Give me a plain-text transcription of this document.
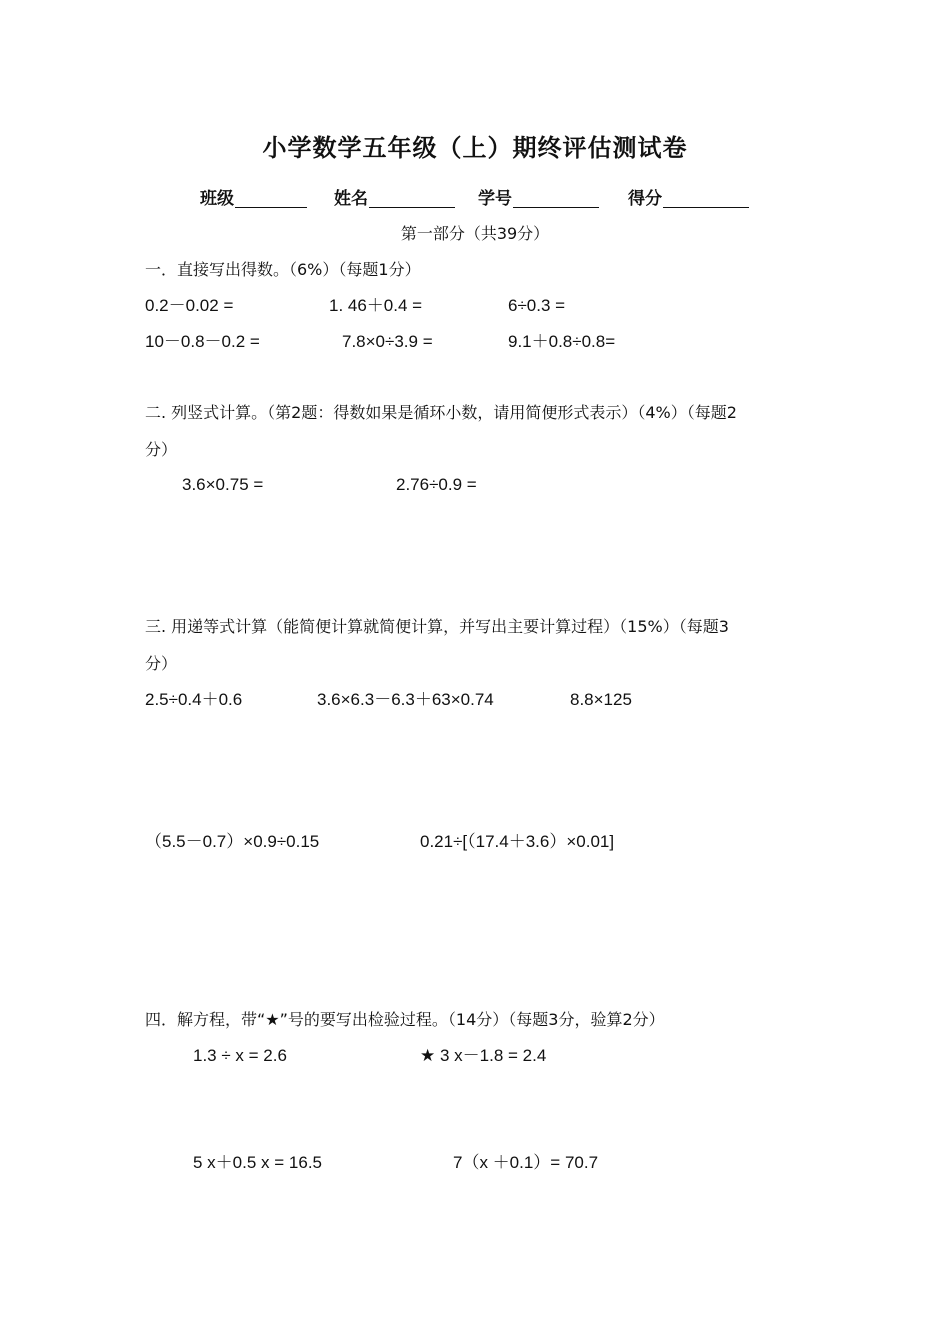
小学数学五年级（上）期终评估测试卷
班级	姓名	学号	得分
第一部分（共39分）
一．直接写出得数。（6%）（每题1分）
0.2－0.02 =	1. 46＋0.4 =	6÷0.3 =
10－0.8－0.2 =	7.8×0÷3.9 =	9.1＋0.8÷0.8=
二. 列竖式计算。（第2题：得数如果是循环小数，请用简便形式表示）（4%）（每题2
分）
3.6×0.75 =	2.76÷0.9 =
三. 用递等式计算（能简便计算就简便计算，并写出主要计算过程）（15%）（每题3
分）
2.5÷0.4＋0.6	3.6×6.3－6.3＋63×0.74	8.8×125
（5.5－0.7）×0.9÷0.15	0.21÷[（17.4＋3.6）×0.01]
四．解方程，带“★”号的要写出检验过程。（14分）（每题3分，验算2分）
1.3 ÷ x = 2.6	★ 3 x－1.8 = 2.4
5 x＋0.5 x = 16.5	7（x ＋0.1）= 70.7
